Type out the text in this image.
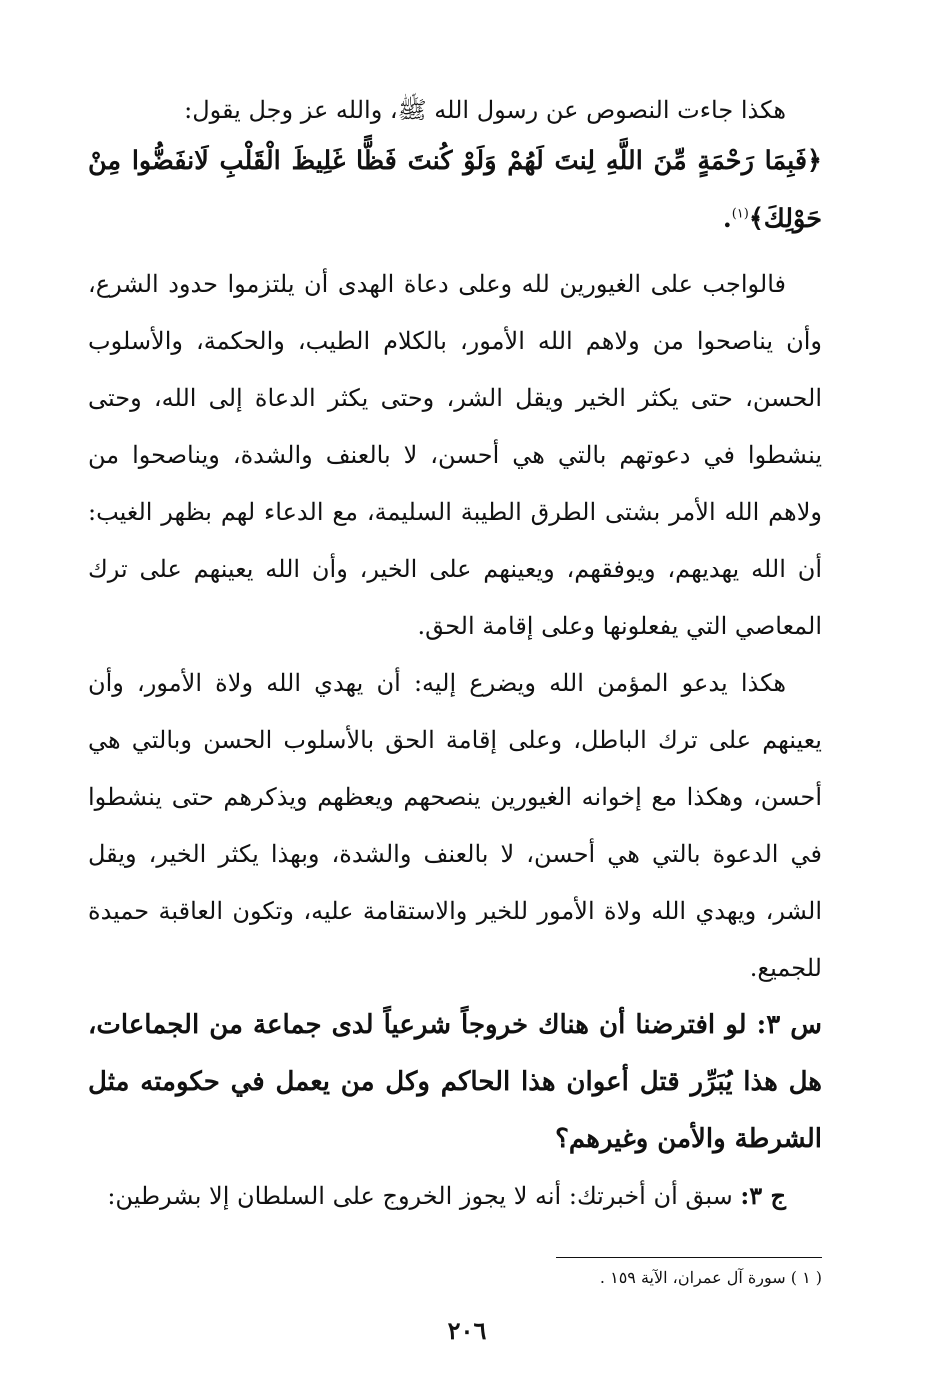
هكذا جاءت النصوص عن رسول الله ﷺ، والله عز وجل يقول:

﴿فَبِمَا رَحْمَةٍ مِّنَ اللَّهِ لِنتَ لَهُمْ وَلَوْ كُنتَ فَظًّا غَلِيظَ الْقَلْبِ لَانفَضُّوا مِنْ حَوْلِكَ﴾$^{(١)}$.

فالواجب على الغيورين لله وعلى دعاة الهدى أن يلتزموا حدود الشرع، وأن يناصحوا من ولاهم الله الأمور، بالكلام الطيب، والحكمة، والأسلوب الحسن، حتى يكثر الخير ويقل الشر، وحتى يكثر الدعاة إلى الله، وحتى ينشطوا في دعوتهم بالتي هي أحسن، لا بالعنف والشدة، ويناصحوا من ولاهم الله الأمر بشتى الطرق الطيبة السليمة، مع الدعاء لهم بظهر الغيب: أن الله يهديهم، ويوفقهم، ويعينهم على الخير، وأن الله يعينهم على ترك المعاصي التي يفعلونها وعلى إقامة الحق.

هكذا يدعو المؤمن الله ويضرع إليه: أن يهدي الله ولاة الأمور، وأن يعينهم على ترك الباطل، وعلى إقامة الحق بالأسلوب الحسن وبالتي هي أحسن، وهكذا مع إخوانه الغيورين ينصحهم ويعظهم ويذكرهم حتى ينشطوا في الدعوة بالتي هي أحسن، لا بالعنف والشدة، وبهذا يكثر الخير، ويقل الشر، ويهدي الله ولاة الأمور للخير والاستقامة عليه، وتكون العاقبة حميدة للجميع.

س ٣: لو افترضنا أن هناك خروجاً شرعياً لدى جماعة من الجماعات، هل هذا يُبَرِّر قتل أعوان هذا الحاكم وكل من يعمل في حكومته مثل الشرطة والأمن وغيرهم؟

ج ٣: سبق أن أخبرتك: أنه لا يجوز الخروج على السلطان إلا بشرطين:

( ١ ) سورة آل عمران، الآية ١٥٩ .
٢٠٦
